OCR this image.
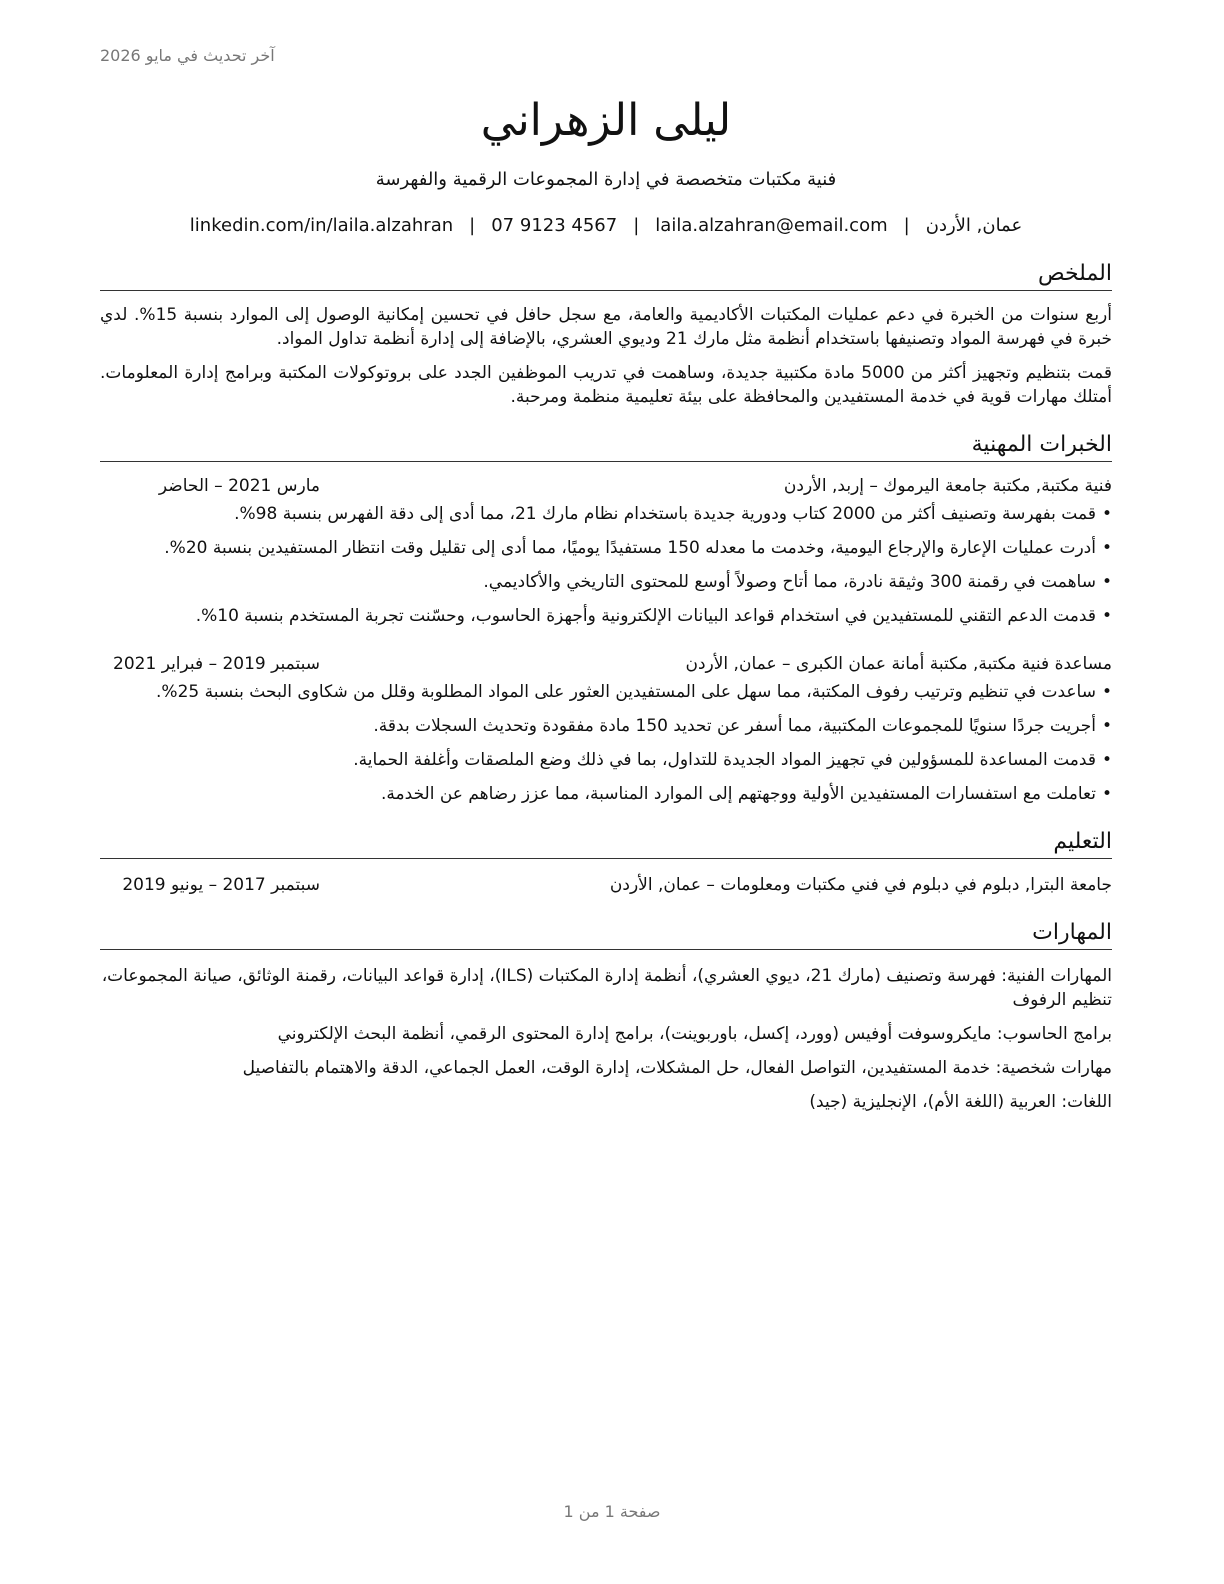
آخر تحديث في مايو 2026
ليلى الزهراني
فنية مكتبات متخصصة في إدارة المجموعات الرقمية والفهرسة
عمان, الأردن
|
laila.alzahran@email.com
|
07 9123 4567
|
linkedin.com/in/laila.alzahran
الملخص

أربع سنوات من الخبرة في دعم عمليات المكتبات الأكاديمية والعامة، مع سجل حافل في تحسين إمكانية الوصول إلى الموارد بنسبة 15%. لدي خبرة في فهرسة المواد وتصنيفها باستخدام أنظمة مثل مارك 21 وديوي العشري، بالإضافة إلى إدارة أنظمة تداول المواد.

قمت بتنظيم وتجهيز أكثر من 5000 مادة مكتبية جديدة، وساهمت في تدريب الموظفين الجدد على بروتوكولات المكتبة وبرامج إدارة المعلومات. أمتلك مهارات قوية في خدمة المستفيدين والمحافظة على بيئة تعليمية منظمة ومرحبة.

الخبرات المهنية
فنية مكتبة, مكتبة جامعة اليرموك – إربد, الأردن
مارس 2021 – الحاضر
•قمت بفهرسة وتصنيف أكثر من 2000 كتاب ودورية جديدة باستخدام نظام مارك 21، مما أدى إلى دقة الفهرس بنسبة 98%.
•أدرت عمليات الإعارة والإرجاع اليومية، وخدمت ما معدله 150 مستفيدًا يوميًا، مما أدى إلى تقليل وقت انتظار المستفيدين بنسبة 20%.
•ساهمت في رقمنة 300 وثيقة نادرة، مما أتاح وصولاً أوسع للمحتوى التاريخي والأكاديمي.
•قدمت الدعم التقني للمستفيدين في استخدام قواعد البيانات الإلكترونية وأجهزة الحاسوب، وحسّنت تجربة المستخدم بنسبة 10%.
مساعدة فنية مكتبة, مكتبة أمانة عمان الكبرى – عمان, الأردن
سبتمبر 2019 – فبراير 2021
•ساعدت في تنظيم وترتيب رفوف المكتبة، مما سهل على المستفيدين العثور على المواد المطلوبة وقلل من شكاوى البحث بنسبة 25%.
•أجريت جردًا سنويًا للمجموعات المكتبية، مما أسفر عن تحديد 150 مادة مفقودة وتحديث السجلات بدقة.
•قدمت المساعدة للمسؤولين في تجهيز المواد الجديدة للتداول، بما في ذلك وضع الملصقات وأغلفة الحماية.
•تعاملت مع استفسارات المستفيدين الأولية ووجهتهم إلى الموارد المناسبة، مما عزز رضاهم عن الخدمة.
التعليم
جامعة البترا, دبلوم في دبلوم في فني مكتبات ومعلومات – عمان, الأردن
سبتمبر 2017 – يونيو 2019
المهارات
المهارات الفنية: فهرسة وتصنيف (مارك 21، ديوي العشري)، أنظمة إدارة المكتبات (ILS)، إدارة قواعد البيانات، رقمنة الوثائق، صيانة المجموعات، تنظيم الرفوف
برامج الحاسوب: مايكروسوفت أوفيس (وورد، إكسل، باوربوينت)، برامج إدارة المحتوى الرقمي، أنظمة البحث الإلكتروني
مهارات شخصية: خدمة المستفيدين، التواصل الفعال، حل المشكلات، إدارة الوقت، العمل الجماعي، الدقة والاهتمام بالتفاصيل
اللغات: العربية (اللغة الأم)، الإنجليزية (جيد)
صفحة 1 من 1
